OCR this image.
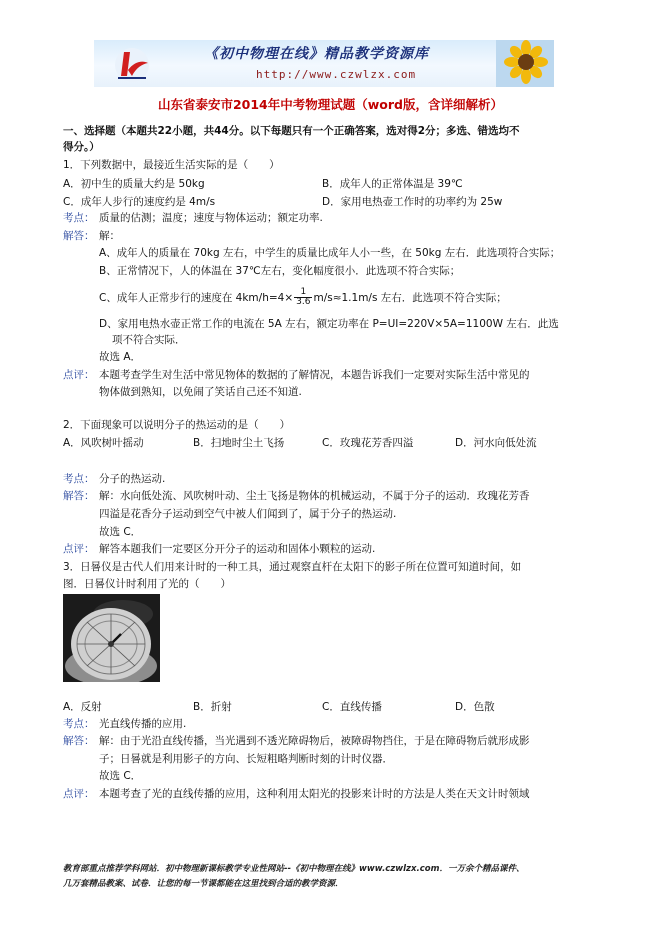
《初中物理在线》精品教学资源库
http://www.czwlzx.com
山东省泰安市2014年中考物理试题（word版，含详细解析）
一、选择题（本题共22小题，共44分。以下每题只有一个正确答案，选对得2分；多选、错选均不
得分。）
1．下列数据中，最接近生活实际的是（　　）
A．初中生的质量大约是 50kg	B．成年人的正常体温是 39℃
C．成年人步行的速度约是 4m/s	D．家用电热壶工作时的功率约为 25w
考点： 质量的估测；温度；速度与物体运动；额定功率.
解答： 解：
A、成年人的质量在 70kg 左右，中学生的质量比成年人小一些，在 50kg 左右．此选项符合实际；
B、正常情况下，人的体温在 37℃左右，变化幅度很小．此选项不符合实际；
C、成年人正常步行的速度在 $4km/h=4\times \frac{1}{3.6} m/s\approx 1.1m/s$ 左右．此选项不符合实际；
D、家用电热水壶正常工作的电流在 5A 左右，额定功率在 P=UI=220V×5A=1100W 左右．此选
项不符合实际．
故选 A．
点评： 本题考查学生对生活中常见物体的数据的了解情况，本题告诉我们一定要对实际生活中常见的
物体做到熟知，以免闹了笑话自己还不知道.
2．下面现象可以说明分子的热运动的是（　　）
A．风吹树叶摇动	B．扫地时尘土飞扬	C．玫瑰花芳香四溢	D．河水向低处流
考点： 分子的热运动.
解答： 解：水向低处流、风吹树叶动、尘土飞扬是物体的机械运动，不属于分子的运动．玫瑰花芳香
四溢是花香分子运动到空气中被人们闻到了，属于分子的热运动.
故选 C．
点评： 解答本题我们一定要区分开分子的运动和固体小颗粒的运动.
3．日晷仪是古代人们用来计时的一种工具，通过观察直杆在太阳下的影子所在位置可知道时间，如
图．日晷仪计时利用了光的（　　）
A．反射	B．折射	C．直线传播	D．色散
考点： 光直线传播的应用.
解答： 解：由于光沿直线传播，当光遇到不透光障碍物后，被障碍物挡住，于是在障碍物后就形成影
子；日晷就是利用影子的方向、长短粗略判断时刻的计时仪器．
故选 C．
点评： 本题考查了光的直线传播的应用，这种利用太阳光的投影来计时的方法是人类在天文计时领域
教育部重点推荐学科网站．初中物理新课标教学专业性网站--《初中物理在线》www.czwlzx.com．一万余个精品课件、
几万套精品教案、试卷．让您的每一节课都能在这里找到合适的教学资源．
